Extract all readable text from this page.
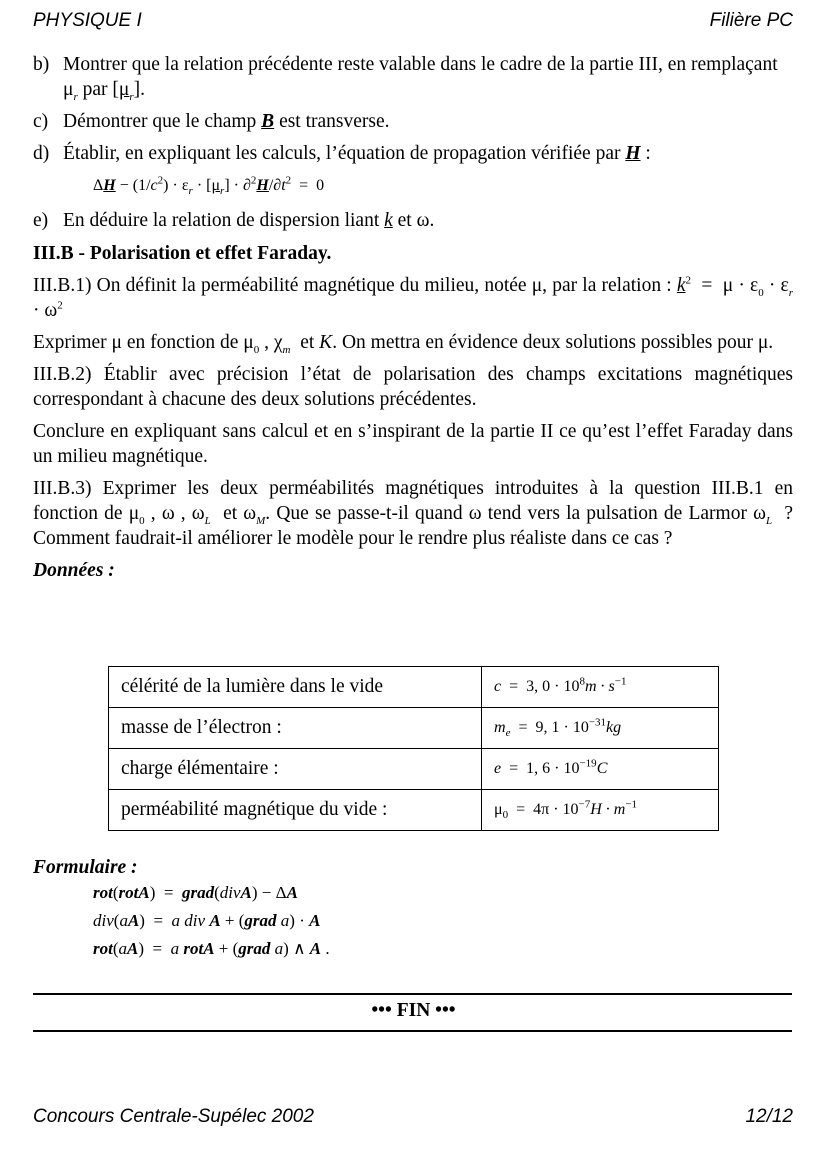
PHYSIQUE I	Filière PC
b) Montrer que la relation précédente reste valable dans le cadre de la partie III, en remplaçant $\mu_r$ par $[\mu_r]$.
c) Démontrer que le champ B est transverse.
d) Établir, en expliquant les calculs, l’équation de propagation vérifiée par H :
$\Delta H - (1/c^2) \cdot \varepsilon_r \cdot [\mu_r] \cdot \partial^2H/\partial t^2 = 0$
e) En déduire la relation de dispersion liant k et ω.

III.B - Polarisation et effet Faraday.

III.B.1) On définit la perméabilité magnétique du milieu, notée μ, par la relation : $k^2 = \mu \cdot \varepsilon_0 \cdot \varepsilon_r \cdot \omega^2$

Exprimer μ en fonction de $\mu_0$ , $\chi_m$  et K. On mettra en évidence deux solutions possibles pour μ.

III.B.2) Établir avec précision l’état de polarisation des champs excitations magnétiques correspondant à chacune des deux solutions précédentes.

Conclure en expliquant sans calcul et en s’inspirant de la partie II ce qu’est l’effet Faraday dans un milieu magnétique.

III.B.3) Exprimer les deux perméabilités magnétiques introduites à la question III.B.1 en fonction de $\mu_0$ , ω , $\omega_L$  et $\omega_M$. Que se passe-t-il quand ω tend vers la pulsation de Larmor $\omega_L$ ? Comment faudrait-il améliorer le modèle pour le rendre plus réaliste dans ce cas ?

Données :

célérité de la lumière dans le vide	c  =  3, $0 \cdot 10^8m \cdot s^{-1}$
masse de l’électron :	$m_e = 9$, $1 \cdot 10^{-31}kg$
charge élémentaire :	e  =  1, $6 \cdot 10^{-19}C$
perméabilité magnétique du vide :	$\mu_0 = 4\pi \cdot 10^{-7}H \cdot m^{-1}$
Formulaire :
rot(rotA)  =  grad(divA) − ΔA
div(aA)  =  a div A + (grad a) · A
rot(aA)  =  a rotA + (grad a) ∧ A .
••• FIN •••
Concours Centrale-Supélec 2002	12/12
